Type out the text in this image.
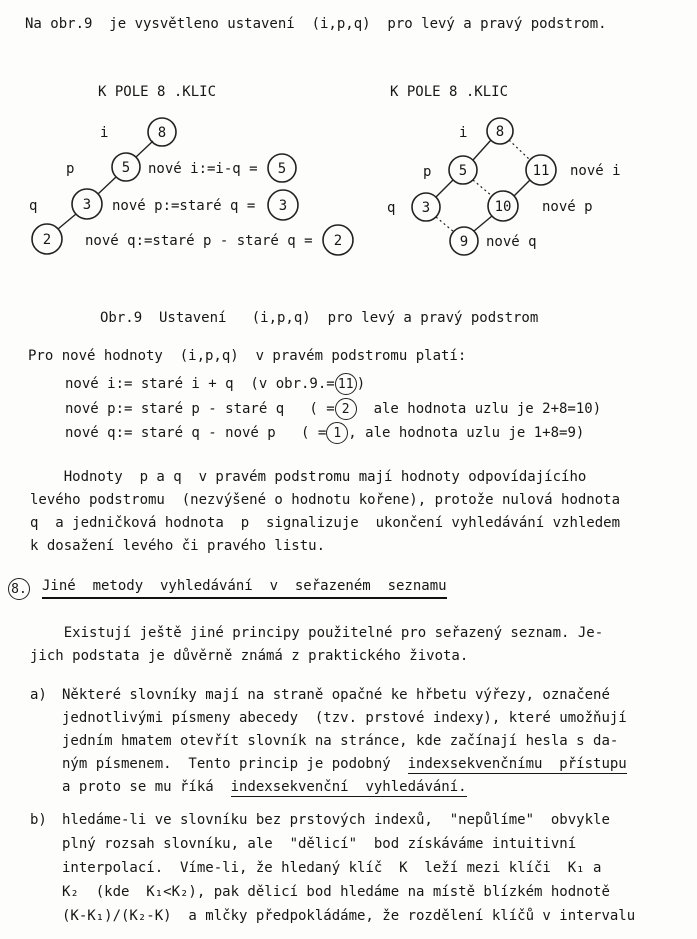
Na obr.9  je vysvětleno ustavení  (i,p,q)  pro levý a pravý podstrom.
K POLE 8 .KLIC	K POLE 8 .KLIC
8
5
3
2
i
p
q
nové i:=i-q = 5
nové p:=staré q = 3
nové q:=staré p - staré q = 2
8
5	11
3	10
9
i
p
q
nové i
nové p
nové q
Obr.9  Ustavení   (i,p,q)  pro levý a pravý podstrom
Pro nové hodnoty  (i,p,q)  v pravém podstromu platí:
nové i:= staré i + q  (v obr.9.= 11 )
nové p:= staré p - staré q   ( = 2 ale hodnota uzlu je 2+8=10)
nové q:= staré q - nové p   ( = 1 , ale hodnota uzlu je 1+8=9)
Hodnoty  p a q  v pravém podstromu mají hodnoty odpovídajícího
levého podstromu  (nezvýšené o hodnotu kořene), protože nulová hodnota
q  a jedničková hodnota  p  signalizuje  ukončení vyhledávání vzhledem
k dosažení levého či pravého listu.
8. Jiné  metody  vyhledávání  v  seřazeném  seznamu
Existují ještě jiné principy použitelné pro seřazený seznam. Je-
jich podstata je důvěrně známá z praktického života.
a)	Některé slovníky mají na straně opačné ke hřbetu výřezy, označené
jednotlivými písmeny abecedy  (tzv. prstové indexy), které umožňují
jedním hmatem otevřít slovník na stránce, kde začínají hesla s da-
ným písmenem.  Tento princip je podobný  indexsekvenčnímu  přístupu
a proto se mu říká  indexsekvenční  vyhledávání.
b)	hledáme-li ve slovníku bez prstových indexů,  "nepůlíme"  obvykle
plný rozsah slovníku, ale  "dělicí"  bod získáváme intuitivní
interpolací.  Víme-li, že hledaný klíč  K  leží mezi klíči  K₁ a
K₂  (kde  K₁<K₂), pak dělicí bod hledáme na místě blízkém hodnotě
(K-K₁)/(K₂-K)  a mlčky předpokládáme, že rozdělení klíčů v intervalu
